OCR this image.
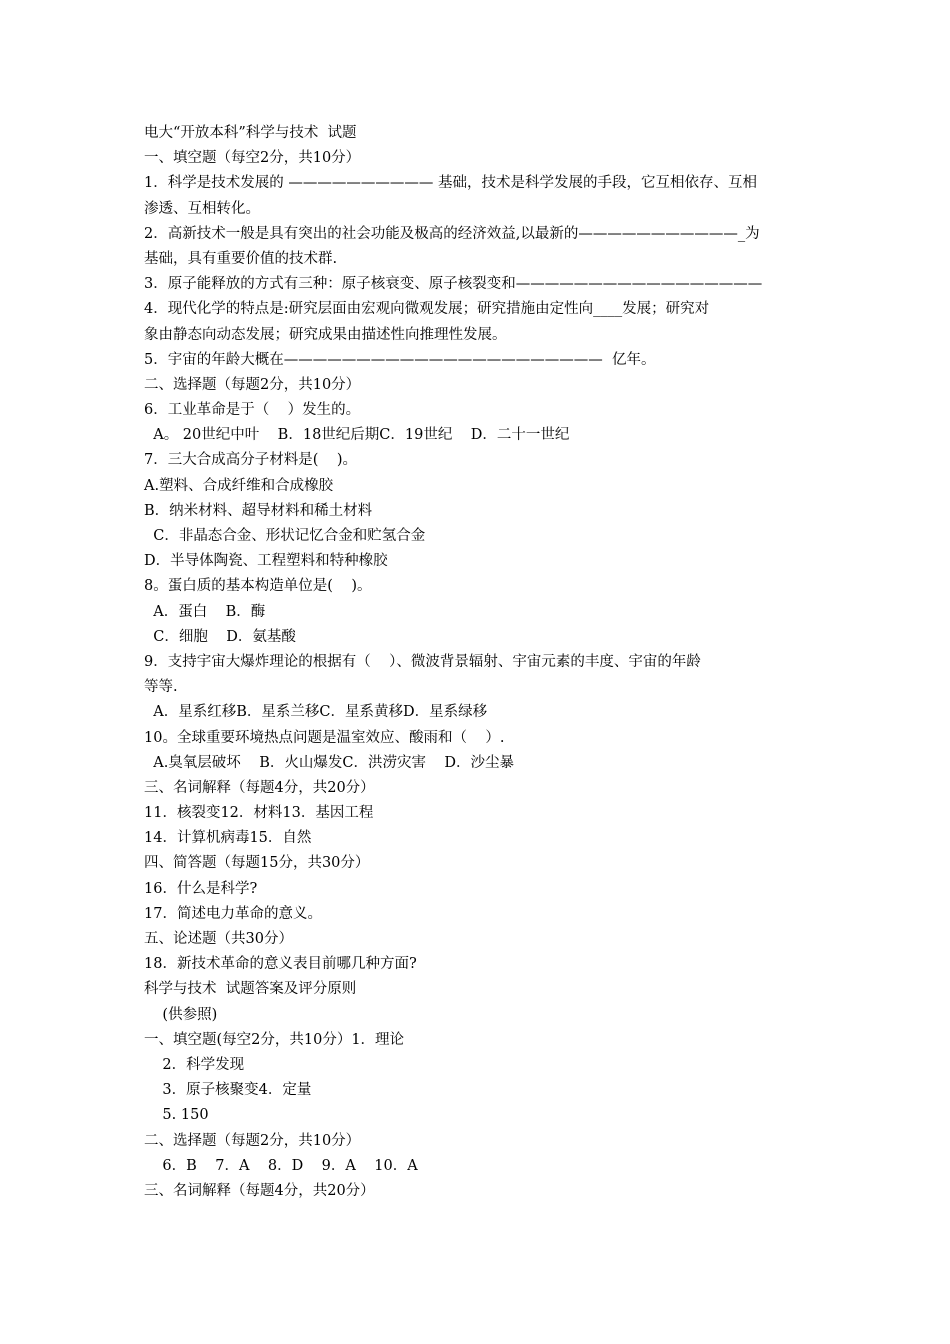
电大“开放本科”科学与技术  试题
一、填空题（每空2分，共10分）
1．科学是技术发展的 —————————— 基础，技术是科学发展的手段，它互相依存、互相
渗透、互相转化。
2．高新技术一般是具有突出的社会功能及极高的经济效益,以最新的———————————_为
基础，具有重要价值的技术群.
3．原子能释放的方式有三种：原子核衰变、原子核裂变和—————————————————
4．现代化学的特点是:研究层面由宏观向微观发展；研究措施由定性向____发展；研究对
象由静态向动态发展；研究成果由描述性向推理性发展。
5．宇宙的年龄大概在——————————————————————  亿年。
二、选择题（每题2分，共10分）
6．工业革命是于（    ）发生的。
A。 20世纪中叶    B．18世纪后期C．19世纪    D．二十一世纪
7．三大合成高分子材料是(    )。
A.塑料、合成纤维和合成橡胶
B．纳米材料、超导材料和稀土材料
C．非晶态合金、形状记忆合金和贮氢合金
D．半导体陶瓷、工程塑料和特种橡胶
8。蛋白质的基本构造单位是(    )。
A．蛋白    B．酶
C．细胞    D．氨基酸
9．支持宇宙大爆炸理论的根据有（    ）、微波背景辐射、宇宙元素的丰度、宇宙的年龄
等等.
A．星系红移B．星系兰移C．星系黄移D．星系绿移
10。全球重要环境热点问题是温室效应、酸雨和（    ）.
A.臭氧层破坏    B．火山爆发C．洪涝灾害    D．沙尘暴
三、名词解释（每题4分，共20分）
11．核裂变12．材料13．基因工程
14．计算机病毒15．自然
四、简答题（每题15分，共30分）
16．什么是科学?
17．简述电力革命的意义。
五、论述题（共30分）
18．新技术革命的意义表目前哪几种方面?
科学与技术  试题答案及评分原则
(供参照)
一、填空题(每空2分，共10分）1．理论
2．科学发现
3．原子核聚变4．定量
5. 150
二、选择题（每题2分，共10分）
6．B    7．A    8．D    9．A    10．A
三、名词解释（每题4分，共20分）
